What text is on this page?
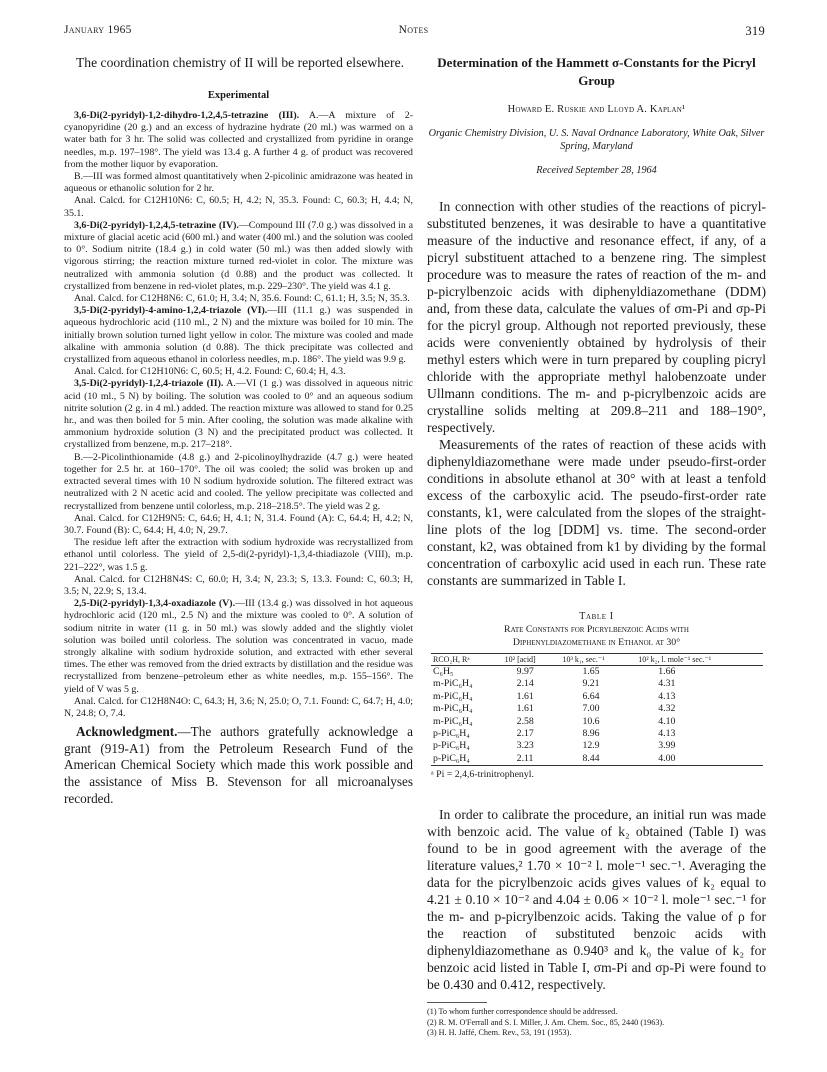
January 1965	Notes	319

The coordination chemistry of II will be reported elsewhere.

Experimental

3,6-Di(2-pyridyl)-1,2-dihydro-1,2,4,5-tetrazine (III). A.—A mixture of 2-cyanopyridine (20 g.) and an excess of hydrazine hydrate (20 ml.) was warmed on a water bath for 3 hr. The solid was collected and crystallized from pyridine in orange needles, m.p. 197–198°. The yield was 13.4 g. A further 4 g. of product was recovered from the mother liquor by evaporation.

B.—III was formed almost quantitatively when 2-picolinic amidrazone was heated in aqueous or ethanolic solution for 2 hr.

Anal. Calcd. for C12H10N6: C, 60.5; H, 4.2; N, 35.3. Found: C, 60.3; H, 4.4; N, 35.1.

3,6-Di(2-pyridyl)-1,2,4,5-tetrazine (IV).—Compound III (7.0 g.) was dissolved in a mixture of glacial acetic acid (600 ml.) and water (400 ml.) and the solution was cooled to 0°. Sodium nitrite (18.4 g.) in cold water (50 ml.) was then added slowly with vigorous stirring; the reaction mixture turned red-violet in color. The mixture was neutralized with ammonia solution (d 0.88) and the product was collected. It crystallized from benzene in red-violet plates, m.p. 229–230°. The yield was 4.1 g.

Anal. Calcd. for C12H8N6: C, 61.0; H, 3.4; N, 35.6. Found: C, 61.1; H, 3.5; N, 35.3.

3,5-Di(2-pyridyl)-4-amino-1,2,4-triazole (VI).—III (11.1 g.) was suspended in aqueous hydrochloric acid (110 ml., 2 N) and the mixture was boiled for 10 min. The initially brown solution turned light yellow in color. The mixture was cooled and made alkaline with ammonia solution (d 0.88). The thick precipitate was collected and crystallized from aqueous ethanol in colorless needles, m.p. 186°. The yield was 9.9 g.

Anal. Calcd. for C12H10N6: C, 60.5; H, 4.2. Found: C, 60.4; H, 4.3.

3,5-Di(2-pyridyl)-1,2,4-triazole (II). A.—VI (1 g.) was dissolved in aqueous nitric acid (10 ml., 5 N) by boiling. The solution was cooled to 0° and an aqueous sodium nitrite solution (2 g. in 4 ml.) added. The reaction mixture was allowed to stand for 0.25 hr., and was then boiled for 5 min. After cooling, the solution was made alkaline with ammonium hydroxide solution (3 N) and the precipitated product was collected. It crystallized from benzene, m.p. 217–218°.

B.—2-Picolinthionamide (4.8 g.) and 2-picolinoylhydrazide (4.7 g.) were heated together for 2.5 hr. at 160–170°. The oil was cooled; the solid was broken up and extracted several times with 10 N sodium hydroxide solution. The filtered extract was neutralized with 2 N acetic acid and cooled. The yellow precipitate was collected and recrystallized from benzene until colorless, m.p. 218–218.5°. The yield was 2 g.

Anal. Calcd. for C12H9N5: C, 64.6; H, 4.1; N, 31.4. Found (A): C, 64.4; H, 4.2; N, 30.7. Found (B): C, 64.4; H, 4.0; N, 29.7.

The residue left after the extraction with sodium hydroxide was recrystallized from ethanol until colorless. The yield of 2,5-di(2-pyridyl)-1,3,4-thiadiazole (VIII), m.p. 221–222°, was 1.5 g.

Anal. Calcd. for C12H8N4S: C, 60.0; H, 3.4; N, 23.3; S, 13.3. Found: C, 60.3; H, 3.5; N, 22.9; S, 13.4.

2,5-Di(2-pyridyl)-1,3,4-oxadiazole (V).—III (13.4 g.) was dissolved in hot aqueous hydrochloric acid (120 ml., 2.5 N) and the mixture was cooled to 0°. A solution of sodium nitrite in water (11 g. in 50 ml.) was slowly added and the slightly violet solution was boiled until colorless. The solution was concentrated in vacuo, made strongly alkaline with sodium hydroxide solution, and extracted with ether several times. The ether was removed from the dried extracts by distillation and the residue was recrystallized from benzene–petroleum ether as white needles, m.p. 155–156°. The yield of V was 5 g.

Anal. Calcd. for C12H8N4O: C, 64.3; H, 3.6; N, 25.0; O, 7.1. Found: C, 64.7; H, 4.0; N, 24.8; O, 7.4.

Acknowledgment.—The authors gratefully acknowledge a grant (919-A1) from the Petroleum Research Fund of the American Chemical Society which made this work possible and the assistance of Miss B. Stevenson for all microanalyses recorded.

Determination of the Hammett σ-Constants for the Picryl Group
Howard E. Ruskie and Lloyd A. Kaplan¹
Organic Chemistry Division, U. S. Naval Ordnance Laboratory, White Oak, Silver Spring, Maryland
Received September 28, 1964

In connection with other studies of the reactions of picryl-substituted benzenes, it was desirable to have a quantitative measure of the inductive and resonance effect, if any, of a picryl substituent attached to a benzene ring. The simplest procedure was to measure the rates of reaction of the m- and p-picrylbenzoic acids with diphenyldiazomethane (DDM) and, from these data, calculate the values of σm-Pi and σp-Pi for the picryl group. Although not reported previously, these acids were conveniently obtained by hydrolysis of their methyl esters which were in turn prepared by coupling picryl chloride with the appropriate methyl halobenzoate under Ullmann conditions. The m- and p-picrylbenzoic acids are crystalline solids melting at 209.8–211 and 188–190°, respectively.

Measurements of the rates of reaction of these acids with diphenyldiazomethane were made under pseudo-first-order conditions in absolute ethanol at 30° with at least a tenfold excess of the carboxylic acid. The pseudo-first-order rate constants, k1, were calculated from the slopes of the straight-line plots of the log [DDM] vs. time. The second-order constant, k2, was obtained from k1 by dividing by the formal concentration of carboxylic acid used in each run. These rate constants are summarized in Table I.

Table I
Rate Constants for Picrylbenzoic Acids with
Diphenyldiazomethane in Ethanol at 30°
RCO₂H, Rᵃ	10² [acid]	10³ k₁, sec.⁻¹	10² k₂, l. mole⁻¹ sec.⁻¹
C₆H₅	9.97	1.65	1.66
m-PiC₆H₄	2.14	9.21	4.31
m-PiC₆H₄	1.61	6.64	4.13
m-PiC₆H₄	1.61	7.00	4.32
m-PiC₆H₄	2.58	10.6	4.10
p-PiC₆H₄	2.17	8.96	4.13
p-PiC₆H₄	3.23	12.9	3.99
p-PiC₆H₄	2.11	8.44	4.00
ᵃ Pi = 2,4,6-trinitrophenyl.

In order to calibrate the procedure, an initial run was made with benzoic acid. The value of k₂ obtained (Table I) was found to be in good agreement with the average of the literature values,² 1.70 × 10⁻² l. mole⁻¹ sec.⁻¹. Averaging the data for the picrylbenzoic acids gives values of k₂ equal to 4.21 ± 0.10 × 10⁻² and 4.04 ± 0.06 × 10⁻² l. mole⁻¹ sec.⁻¹ for the m- and p-picrylbenzoic acids. Taking the value of ρ for the reaction of substituted benzoic acids with diphenyldiazomethane as 0.940³ and k₀ the value of k₂ for benzoic acid listed in Table I, σm-Pi and σp-Pi were found to be 0.430 and 0.412, respectively.

(1) To whom further correspondence should be addressed.

(2) R. M. O'Ferrall and S. I. Miller, J. Am. Chem. Soc., 85, 2440 (1963).

(3) H. H. Jaffé, Chem. Rev., 53, 191 (1953).
